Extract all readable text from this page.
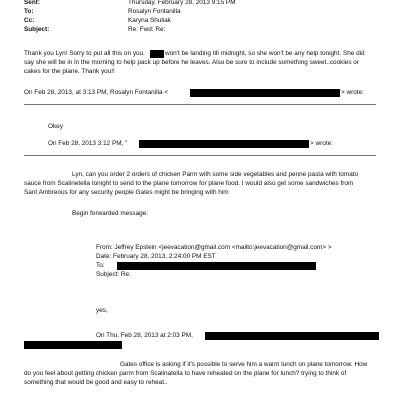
Sent:	Thursday, February 28, 2013 9:15 PM
To:	Rosalyn Fontanilla
Cc:	Karyna Shuliak
Subject:	Re: Fwd: Re:
Thank you Lyn! Sorry to put all this on you.	won't be landing till midnight, so she won't be any help tonight. She did
say she will be in in the morning to help pack up before he leaves. Also be sure to include something sweet..cookies or
cakes for the plane. Thank you!!
On Feb 28, 2013, at 3:13 PM, Rosalyn Fontanilla <	> wrote:
Okey
On Feb 28, 2013 3:12 PM, "	> wrote:
Lyn, can you order 2 orders of chicken Parm with some side vegetables and penne pasta with tomato
sauce from Scalinetella tonight to send to the plane tomorrow for plane food. I would also get some sandwiches from
Sant Ambreous for any security people Gates might be bringing with him
Begin forwarded message:
From: Jeffrey Epstein <jeevacation@gmail.com <mailto:jeevacation@gmail.com> >
Date: February 28, 2013, 2:24:00 PM EST
To:
Subject: Re:
yes,
On Thu, Feb 28, 2013 at 2:03 PM,
Gates office is asking if it's possible to serve him a warm lunch on plane tomorrow. How
do you feel about getting chicken parm from Scalinatella to have reheated on the plane for lunch? trying to think of
something that would be good and easy to reheat..
